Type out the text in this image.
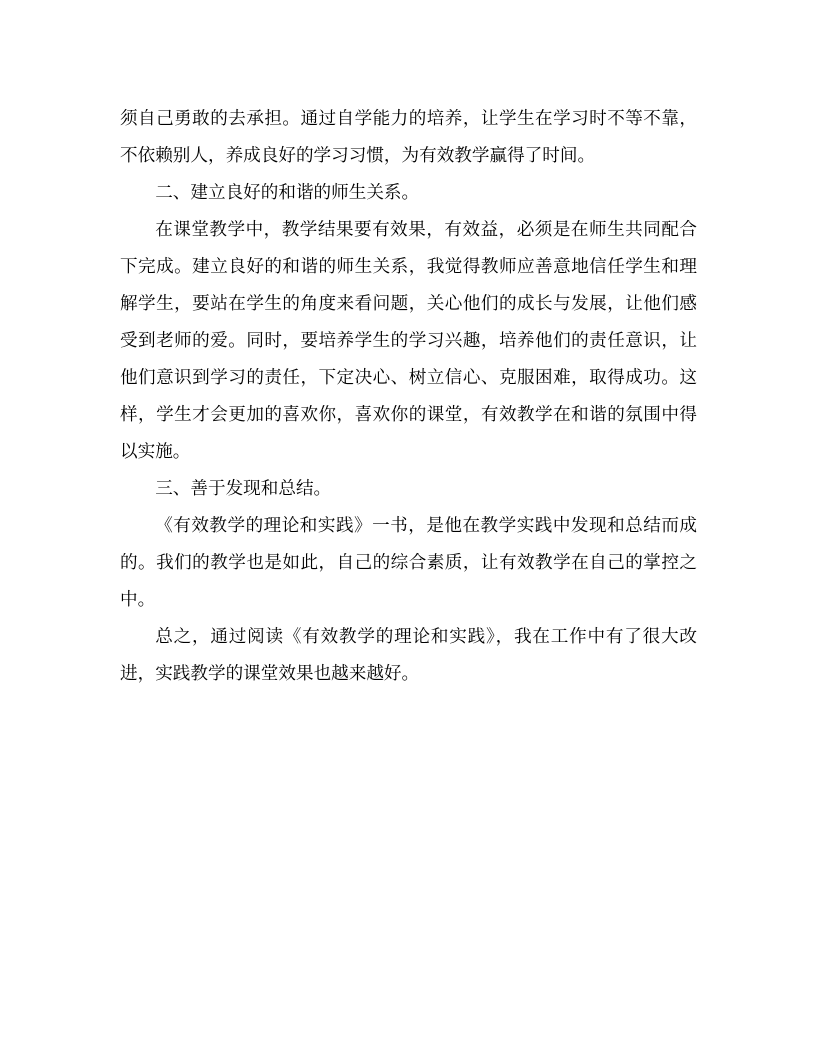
须自己勇敢的去承担。通过自学能力的培养，让学生在学习时不等不靠，不依赖别人，养成良好的学习习惯，为有效教学赢得了时间。

二、建立良好的和谐的师生关系。

在课堂教学中，教学结果要有效果，有效益，必须是在师生共同配合下完成。建立良好的和谐的师生关系，我觉得教师应善意地信任学生和理解学生，要站在学生的角度来看问题，关心他们的成长与发展，让他们感受到老师的爱。同时，要培养学生的学习兴趣，培养他们的责任意识，让他们意识到学习的责任，下定决心、树立信心、克服困难，取得成功。这样，学生才会更加的喜欢你，喜欢你的课堂，有效教学在和谐的氛围中得以实施。

三、善于发现和总结。

《有效教学的理论和实践》一书，是他在教学实践中发现和总结而成的。我们的教学也是如此，自己的综合素质，让有效教学在自己的掌控之中。

总之，通过阅读《有效教学的理论和实践》，我在工作中有了很大改进，实践教学的课堂效果也越来越好。
